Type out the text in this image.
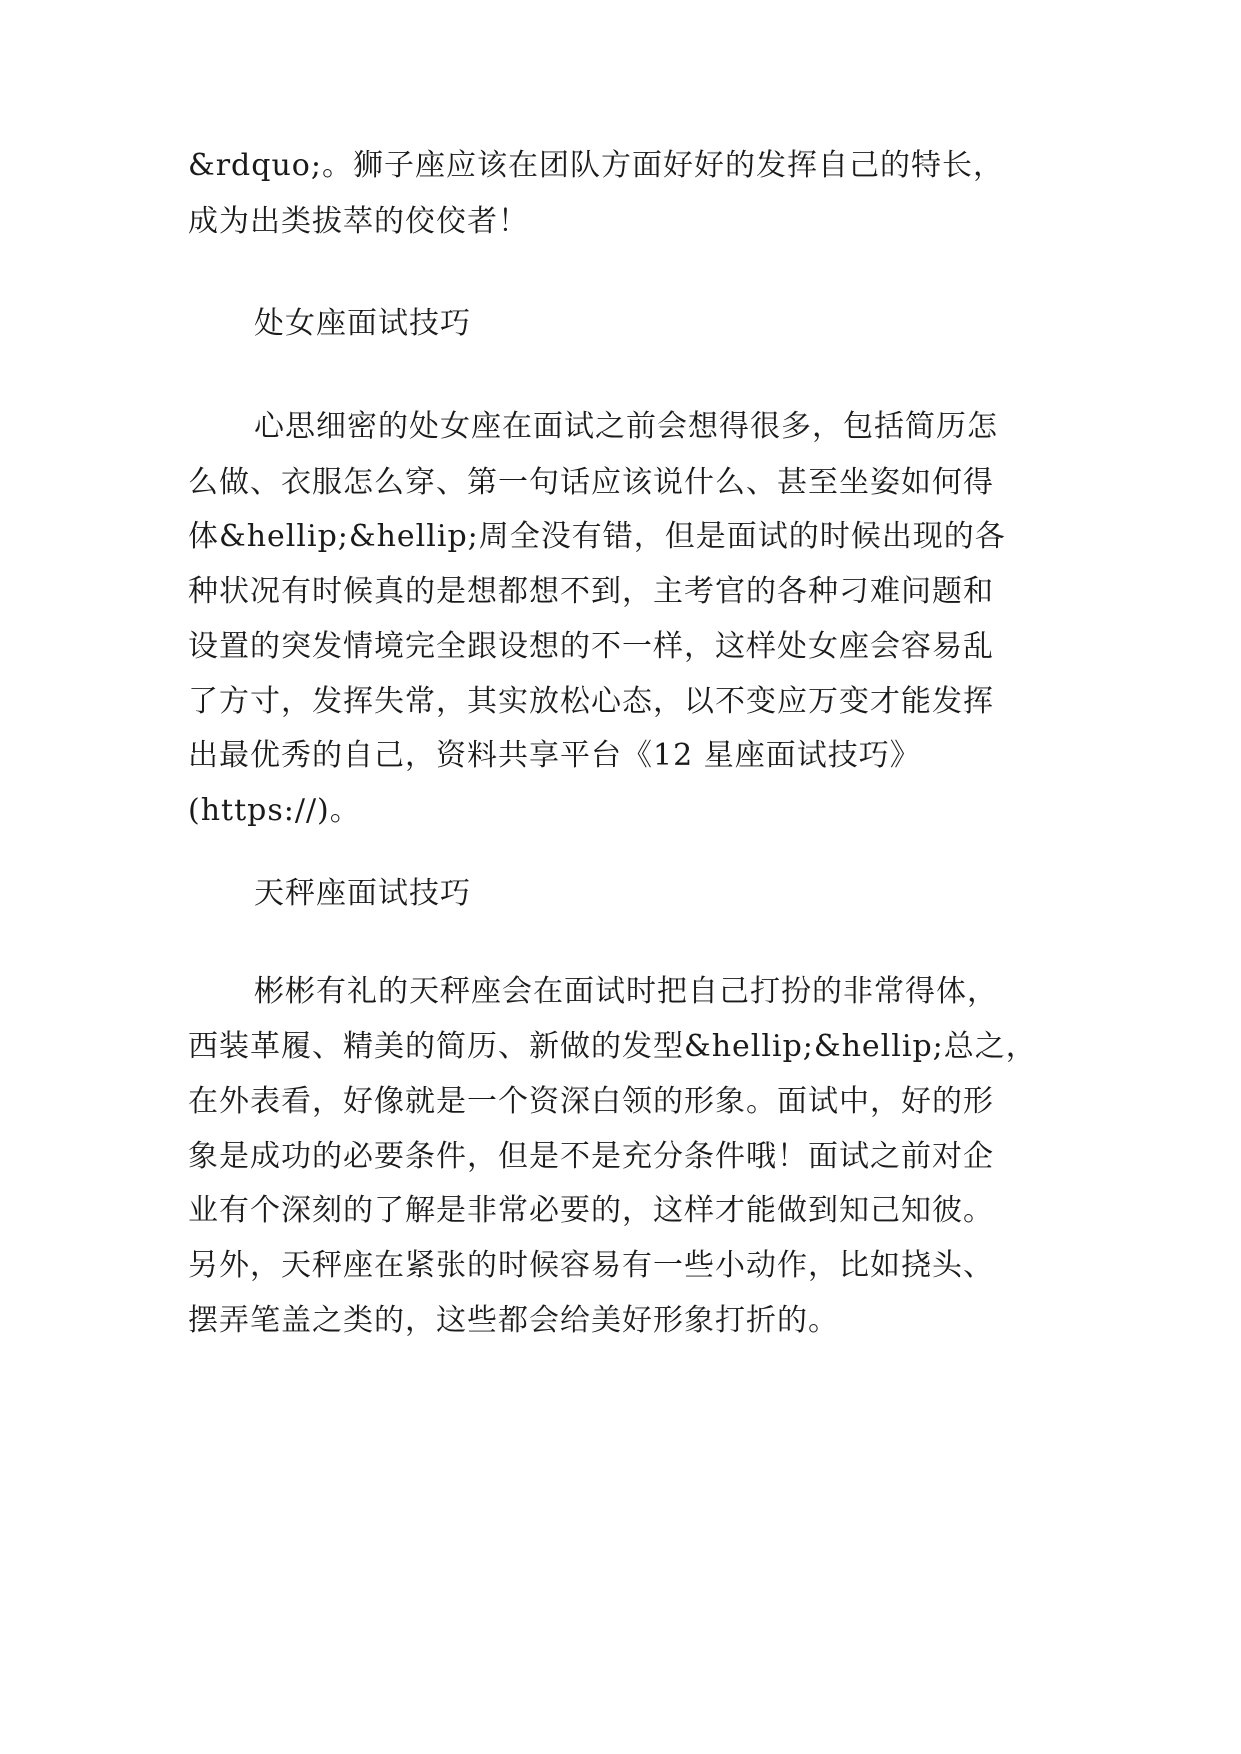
&rdquo;。狮子座应该在团队方面好好的发挥自己的特长，
成为出类拔萃的佼佼者！
处女座面试技巧
心思细密的处女座在面试之前会想得很多，包括简历怎
么做、衣服怎么穿、第一句话应该说什么、甚至坐姿如何得
体&hellip;&hellip;周全没有错，但是面试的时候出现的各
种状况有时候真的是想都想不到，主考官的各种刁难问题和
设置的突发情境完全跟设想的不一样，这样处女座会容易乱
了方寸，发挥失常，其实放松心态，以不变应万变才能发挥
出最优秀的自己，资料共享平台《12 星座面试技巧》
(https://)。
天秤座面试技巧
彬彬有礼的天秤座会在面试时把自己打扮的非常得体，
西装革履、精美的简历、新做的发型&hellip;&hellip;总之，
在外表看，好像就是一个资深白领的形象。面试中，好的形
象是成功的必要条件，但是不是充分条件哦！面试之前对企
业有个深刻的了解是非常必要的，这样才能做到知己知彼。
另外，天秤座在紧张的时候容易有一些小动作，比如挠头、
摆弄笔盖之类的，这些都会给美好形象打折的。
